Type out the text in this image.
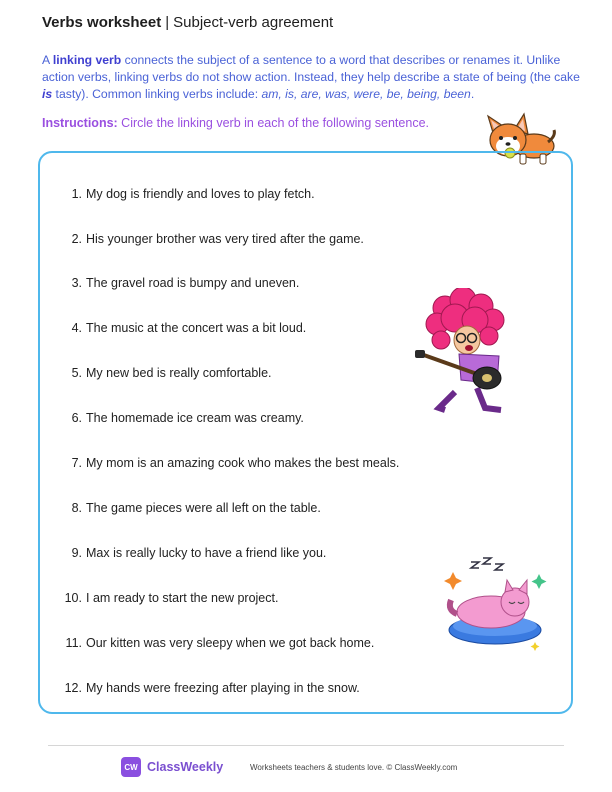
Verbs worksheet | Subject-verb agreement
A linking verb connects the subject of a sentence to a word that describes or renames it. Unlike action verbs, linking verbs do not show action. Instead, they help describe a state of being (the cake is tasty). Common linking verbs include: am, is, are, was, were, be, being, been.
Instructions: Circle the linking verb in each of the following sentence.
1. My dog is friendly and loves to play fetch.
2. His younger brother was very tired after the game.
3. The gravel road is bumpy and uneven.
4. The music at the concert was a bit loud.
5. My new bed is really comfortable.
6. The homemade ice cream was creamy.
7. My mom is an amazing cook who makes the best meals.
8. The game pieces were all left on the table.
9. Max is really lucky to have a friend like you.
10. I am ready to start the new project.
11. Our kitten was very sleepy when we got back home.
12. My hands were freezing after playing in the snow.
CW ClassWeekly	Worksheets teachers & students love. © ClassWeekly.com
